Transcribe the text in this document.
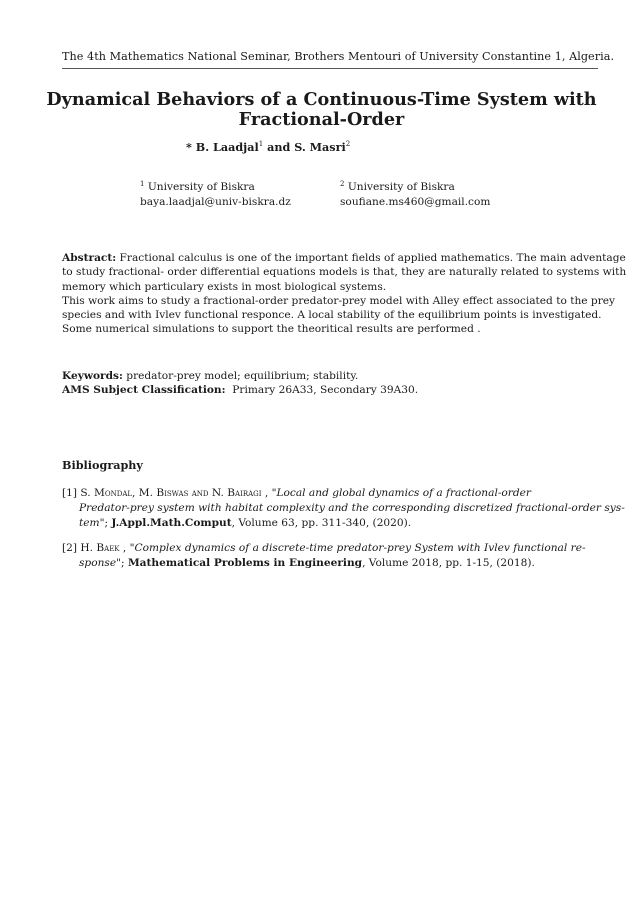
The 4th Mathematics National Seminar, Brothers Mentouri of University Constantine 1, Algeria.
Dynamical Behaviors of a Continuous-Time System with
Fractional-Order
* B. Laadjal$^1$ and S. Masri$^2$
$^1$ University of Biskra
baya.laadjal@univ-biskra.dz
$^2$ University of Biskra
soufiane.ms460@gmail.com
Abstract: Fractional calculus is one of the important fields of applied mathematics. The main adventage
to study fractional- order differential equations models is that, they are naturally related to systems with
memory which particulary exists in most biological systems.
This work aims to study a fractional-order predator-prey model with Alley effect associated to the prey
species and with Ivlev functional responce. A local stability of the equilibrium points is investigated.
Some numerical simulations to support the theoritical results are performed .
Keywords: predator-prey model; equilibrium; stability.
AMS Subject Classification:  Primary 26A33, Secondary 39A30.
Bibliography
[1] S. Mondal, M. Biswas and N. Bairagi , "Local and global dynamics of a fractional-order
Predator-prey system with habitat complexity and the corresponding discretized fractional-order sys-
tem"; J.Appl.Math.Comput, Volume 63, pp. 311-340, (2020).
[2] H. Baek , "Complex dynamics of a discrete-time predator-prey System with Ivlev functional re-
sponse"; Mathematical Problems in Engineering, Volume 2018, pp. 1-15, (2018).
